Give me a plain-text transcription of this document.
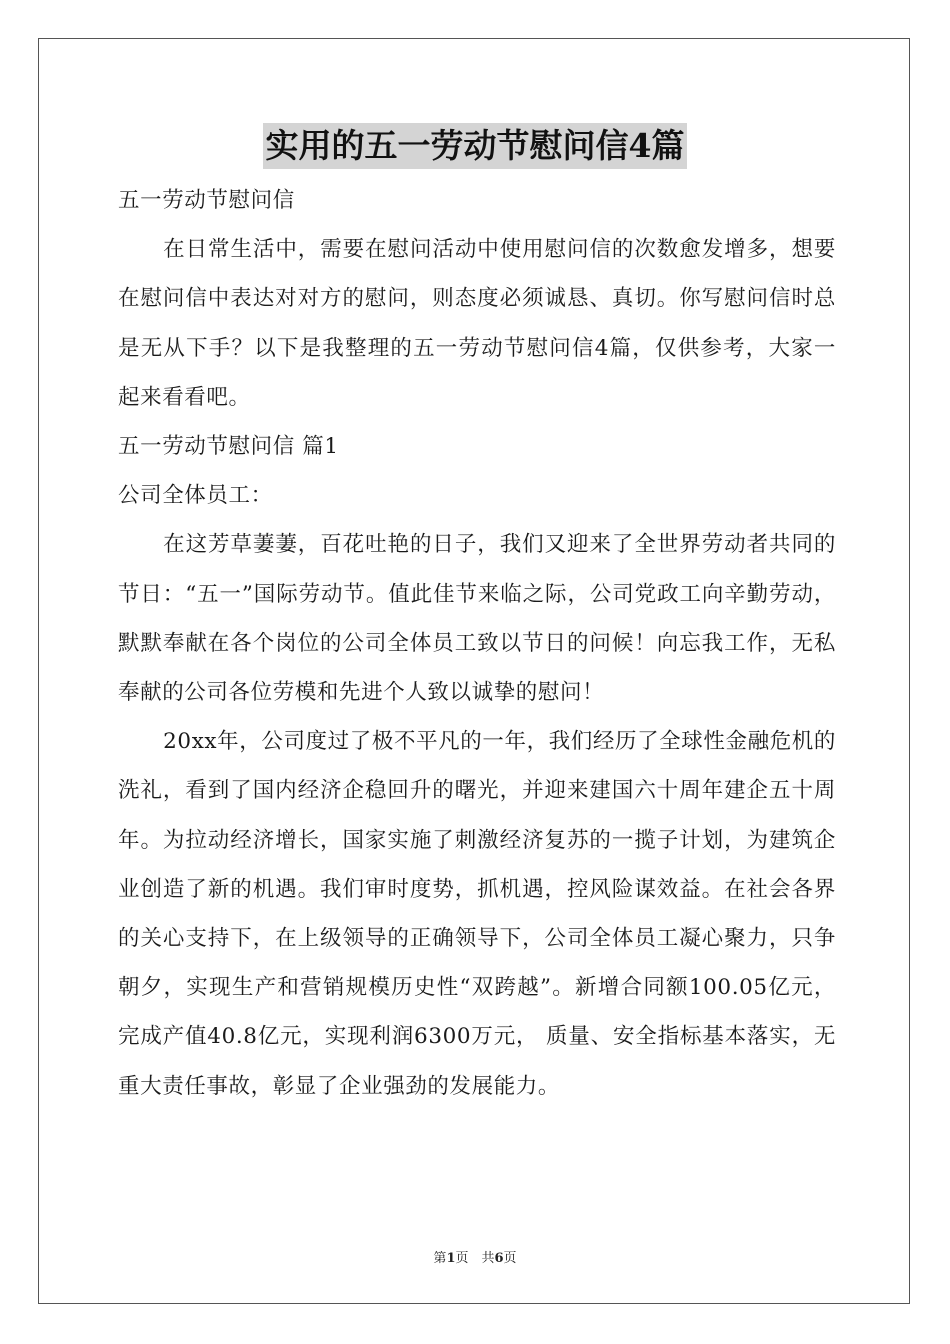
实用的五一劳动节慰问信4篇

五一劳动节慰问信

在日常生活中，需要在慰问活动中使用慰问信的次数愈发增多，想要在慰问信中表达对对方的慰问，则态度必须诚恳、真切。你写慰问信时总是无从下手？以下是我整理的五一劳动节慰问信4篇，仅供参考，大家一起来看看吧。

五一劳动节慰问信 篇1

公司全体员工：

在这芳草萋萋，百花吐艳的日子，我们又迎来了全世界劳动者共同的节日：“五一”国际劳动节。值此佳节来临之际，公司党政工向辛勤劳动，默默奉献在各个岗位的公司全体员工致以节日的问候！向忘我工作，无私奉献的公司各位劳模和先进个人致以诚挚的慰问！

20xx年，公司度过了极不平凡的一年，我们经历了全球性金融危机的洗礼，看到了国内经济企稳回升的曙光，并迎来建国六十周年建企五十周年。为拉动经济增长，国家实施了刺激经济复苏的一揽子计划，为建筑企业创造了新的机遇。我们审时度势，抓机遇，控风险谋效益。在社会各界的关心支持下，在上级领导的正确领导下，公司全体员工凝心聚力，只争朝夕，实现生产和营销规模历史性“双跨越”。新增合同额100.05亿元，完成产值40.8亿元，实现利润6300万元， 质量、安全指标基本落实，无重大责任事故，彰显了企业强劲的发展能力。

第1页　共6页
